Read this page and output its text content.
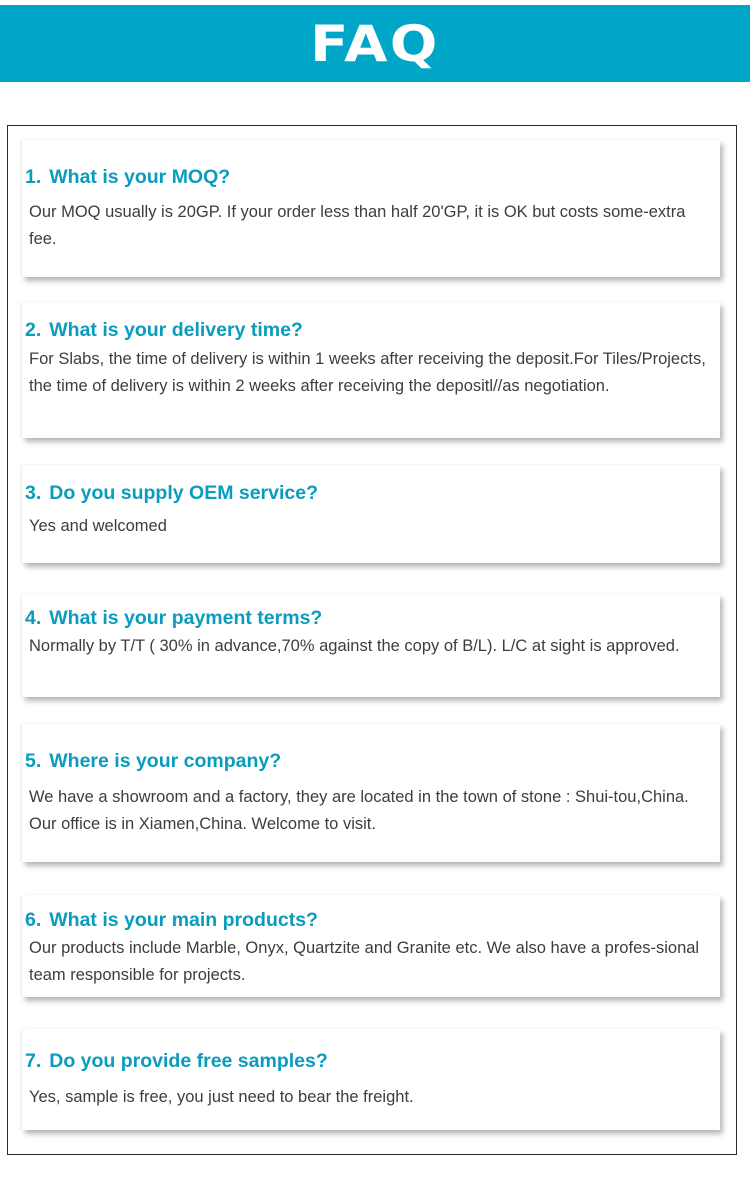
FAQ

1. What is your MOQ?

Our MOQ usually is 20GP. If your order less than half 20'GP, it is OK but costs some-extra fee.

2. What is your delivery time?

For Slabs, the time of delivery is within 1 weeks after receiving the deposit.For Tiles/Projects, the time of delivery is within 2 weeks after receiving the depositl//as negotiation.

3. Do you supply OEM service?

Yes and welcomed

4. What is your payment terms?

Normally by T/T ( 30% in advance,70% against the copy of B/L). L/C at sight is approved.

5. Where is your company?

We have a showroom and a factory, they are located in the town of stone : Shui-tou,China. Our office is in Xiamen,China. Welcome to visit.

6. What is your main products?

Our products include Marble, Onyx, Quartzite and Granite etc. We also have a profes-sional team responsible for projects.

7. Do you provide free samples?

Yes, sample is free, you just need to bear the freight.
